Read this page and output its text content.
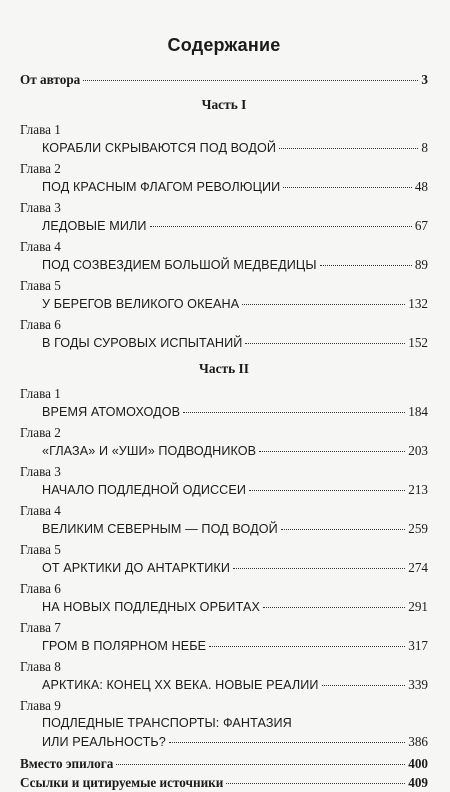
Содержание
От автора	3
Часть I
Глава 1
КОРАБЛИ СКРЫВАЮТСЯ ПОД ВОДОЙ	8
Глава 2
ПОД КРАСНЫМ ФЛАГОМ РЕВОЛЮЦИИ	48
Глава 3
ЛЕДОВЫЕ МИЛИ	67
Глава 4
ПОД СОЗВЕЗДИЕМ БОЛЬШОЙ МЕДВЕДИЦЫ	89
Глава 5
У БЕРЕГОВ ВЕЛИКОГО ОКЕАНА	132
Глава 6
В ГОДЫ СУРОВЫХ ИСПЫТАНИЙ	152
Часть II
Глава 1
ВРЕМЯ АТОМОХОДОВ	184
Глава 2
«ГЛАЗА» И «УШИ» ПОДВОДНИКОВ	203
Глава 3
НАЧАЛО ПОДЛЕДНОЙ ОДИССЕИ	213
Глава 4
ВЕЛИКИМ СЕВЕРНЫМ — ПОД ВОДОЙ	259
Глава 5
ОТ АРКТИКИ ДО АНТАРКТИКИ	274
Глава 6
НА НОВЫХ ПОДЛЕДНЫХ ОРБИТАХ	291
Глава 7
ГРОМ В ПОЛЯРНОМ НЕБЕ	317
Глава 8
АРКТИКА: КОНЕЦ XX ВЕКА. НОВЫЕ РЕАЛИИ	339
Глава 9
ПОДЛЕДНЫЕ ТРАНСПОРТЫ: ФАНТАЗИЯ
ИЛИ РЕАЛЬНОСТЬ?	386
Вместо эпилога	400
Ссылки и цитируемые источники	409
